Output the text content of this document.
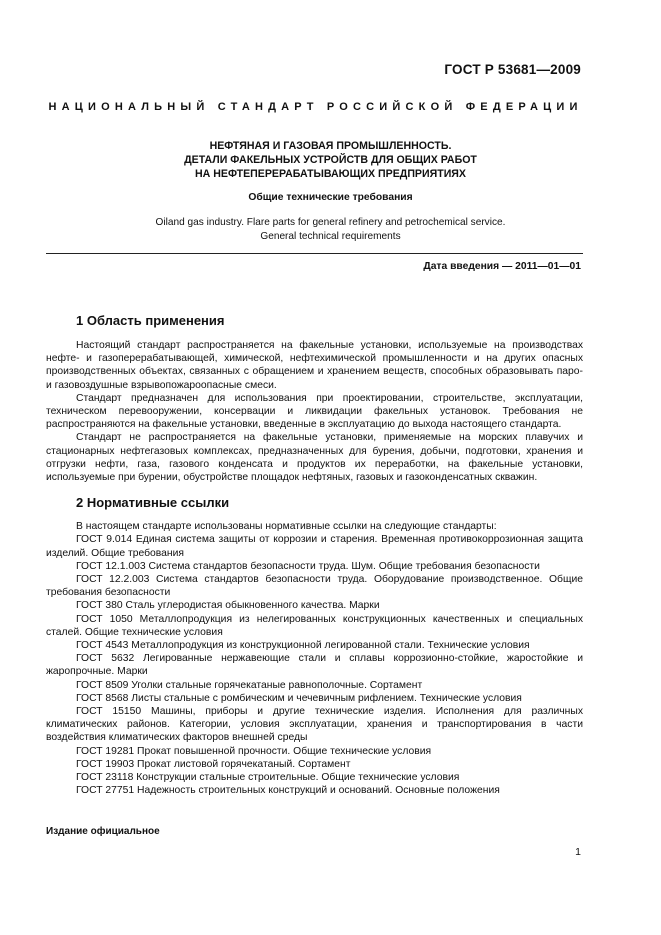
ГОСТ Р 53681—2009
НАЦИОНАЛЬНЫЙ СТАНДАРТ РОССИЙСКОЙ ФЕДЕРАЦИИ
НЕФТЯНАЯ И ГАЗОВАЯ ПРОМЫШЛЕННОСТЬ.
ДЕТАЛИ ФАКЕЛЬНЫХ УСТРОЙСТВ ДЛЯ ОБЩИХ РАБОТ
НА НЕФТЕПЕРЕРАБАТЫВАЮЩИХ ПРЕДПРИЯТИЯХ
Общие технические требования
Oiland gas industry. Flare parts for general refinery and petrochemical service.
General technical requirements
Дата введения — 2011—01—01
1 Область применения

Настоящий стандарт распространяется на факельные установки, используемые на производствах нефте- и газоперерабатывающей, химической, нефтехимической промышленности и на других опасных производственных объектах, связанных с обращением и хранением веществ, способных образовывать паро- и газовоздушные взрывопожароопасные смеси.

Стандарт предназначен для использования при проектировании, строительстве, эксплуатации, техническом перевооружении, консервации и ликвидации факельных установок. Требования не распространяются на факельные установки, введенные в эксплуатацию до выхода настоящего стандарта.

Стандарт не распространяется на факельные установки, применяемые на морских плавучих и стационарных нефтегазовых комплексах, предназначенных для бурения, добычи, подготовки, хранения и отгрузки нефти, газа, газового конденсата и продуктов их переработки, на факельные установки, используемые при бурении, обустройстве площадок нефтяных, газовых и газоконденсатных скважин.

2 Нормативные ссылки

В настоящем стандарте использованы нормативные ссылки на следующие стандарты:

ГОСТ 9.014 Единая система защиты от коррозии и старения. Временная противокоррозионная защита изделий. Общие требования

ГОСТ 12.1.003 Система стандартов безопасности труда. Шум. Общие требования безопасности

ГОСТ 12.2.003 Система стандартов безопасности труда. Оборудование производственное. Общие требования безопасности

ГОСТ 380 Сталь углеродистая обыкновенного качества. Марки

ГОСТ 1050 Металлопродукция из нелегированных конструкционных качественных и специальных сталей. Общие технические условия

ГОСТ 4543 Металлопродукция из конструкционной легированной стали. Технические условия

ГОСТ 5632 Легированные нержавеющие стали и сплавы коррозионно-стойкие, жаростойкие и жаропрочные. Марки

ГОСТ 8509 Уголки стальные горячекатаные равнополочные. Сортамент

ГОСТ 8568 Листы стальные с ромбическим и чечевичным рифлением. Технические условия

ГОСТ 15150 Машины, приборы и другие технические изделия. Исполнения для различных климатических районов. Категории, условия эксплуатации, хранения и транспортирования в части воздействия климатических факторов внешней среды

ГОСТ 19281 Прокат повышенной прочности. Общие технические условия

ГОСТ 19903 Прокат листовой горячекатаный. Сортамент

ГОСТ 23118 Конструкции стальные строительные. Общие технические условия

ГОСТ 27751 Надежность строительных конструкций и оснований. Основные положения

Издание официальное
1
